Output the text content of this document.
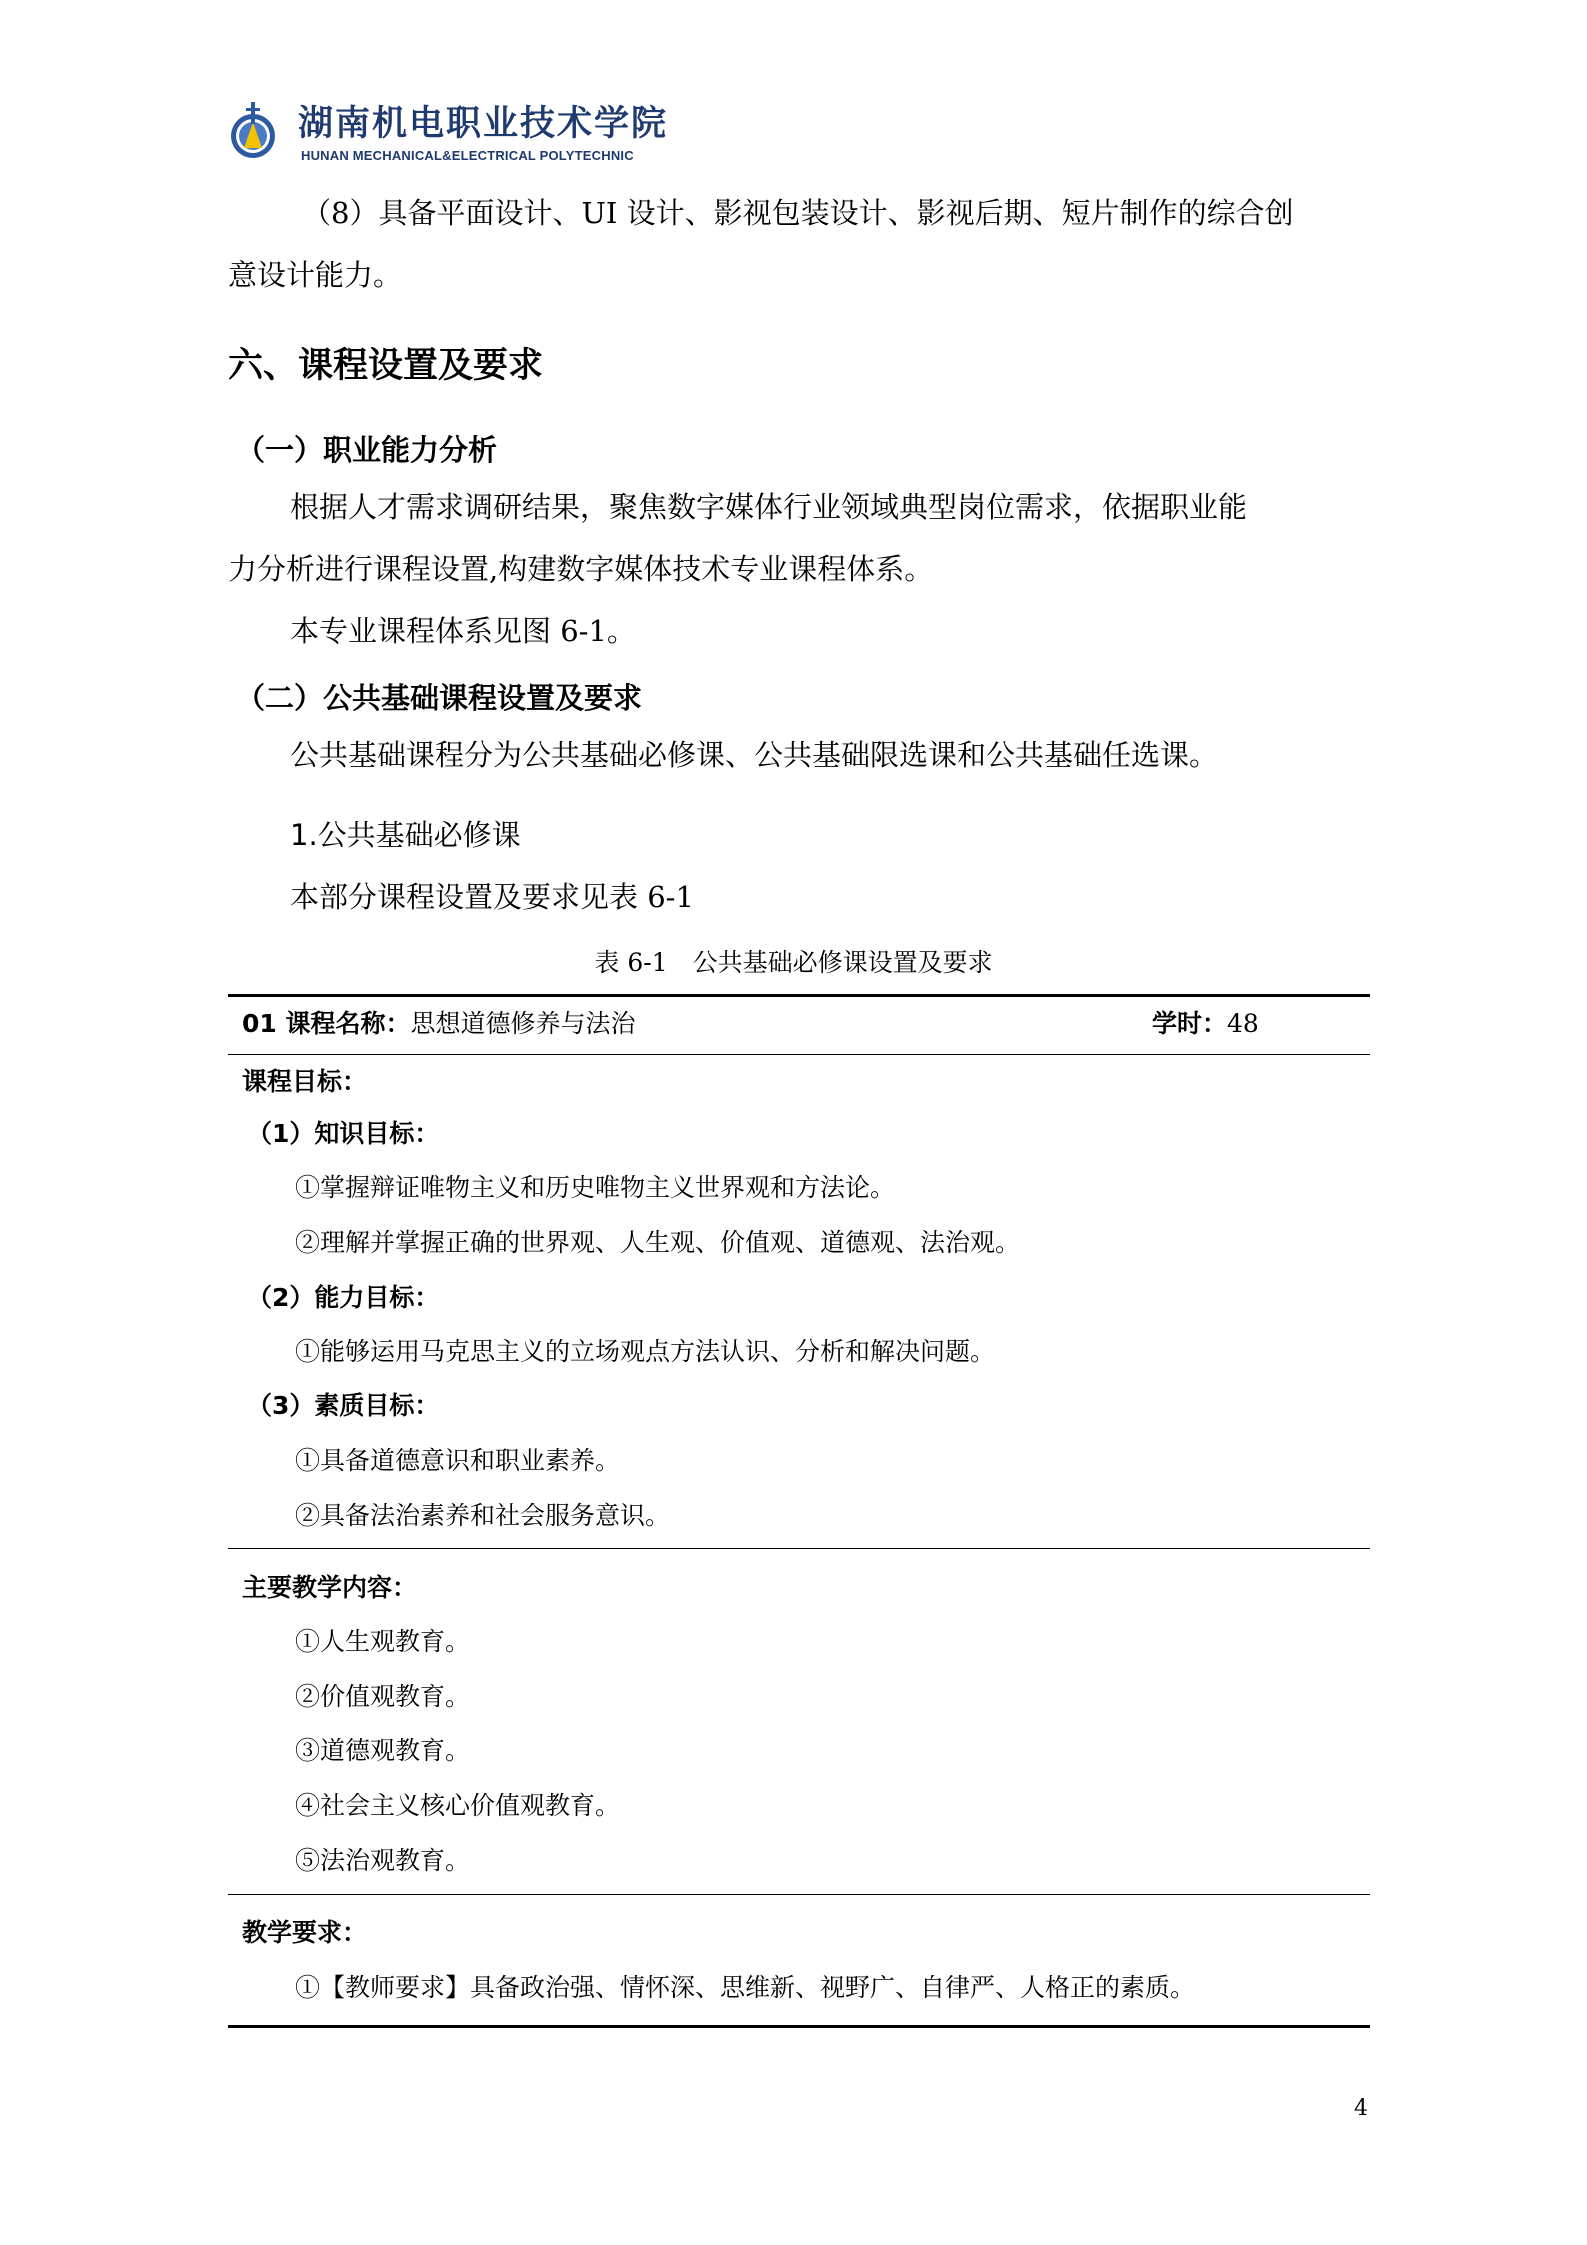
湖南机电职业技术学院
HUNAN MECHANICAL&ELECTRICAL POLYTECHNIC
（8）具备平面设计、UI 设计、影视包装设计、影视后期、短片制作的综合创
意设计能力。
六、课程设置及要求
（一）职业能力分析
根据人才需求调研结果，聚焦数字媒体行业领域典型岗位需求，依据职业能
力分析进行课程设置,构建数字媒体技术专业课程体系。
本专业课程体系见图 6-1。
（二）公共基础课程设置及要求
公共基础课程分为公共基础必修课、公共基础限选课和公共基础任选课。
1.公共基础必修课
本部分课程设置及要求见表 6-1
表 6-1　公共基础必修课设置及要求
01 课程名称：思想道德修养与法治	学时：48
课程目标：
（1）知识目标：
①掌握辩证唯物主义和历史唯物主义世界观和方法论。
②理解并掌握正确的世界观、人生观、价值观、道德观、法治观。
（2）能力目标：
①能够运用马克思主义的立场观点方法认识、分析和解决问题。
（3）素质目标：
①具备道德意识和职业素养。
②具备法治素养和社会服务意识。
主要教学内容：
①人生观教育。
②价值观教育。
③道德观教育。
④社会主义核心价值观教育。
⑤法治观教育。
教学要求：
①【教师要求】具备政治强、情怀深、思维新、视野广、自律严、人格正的素质。
4
